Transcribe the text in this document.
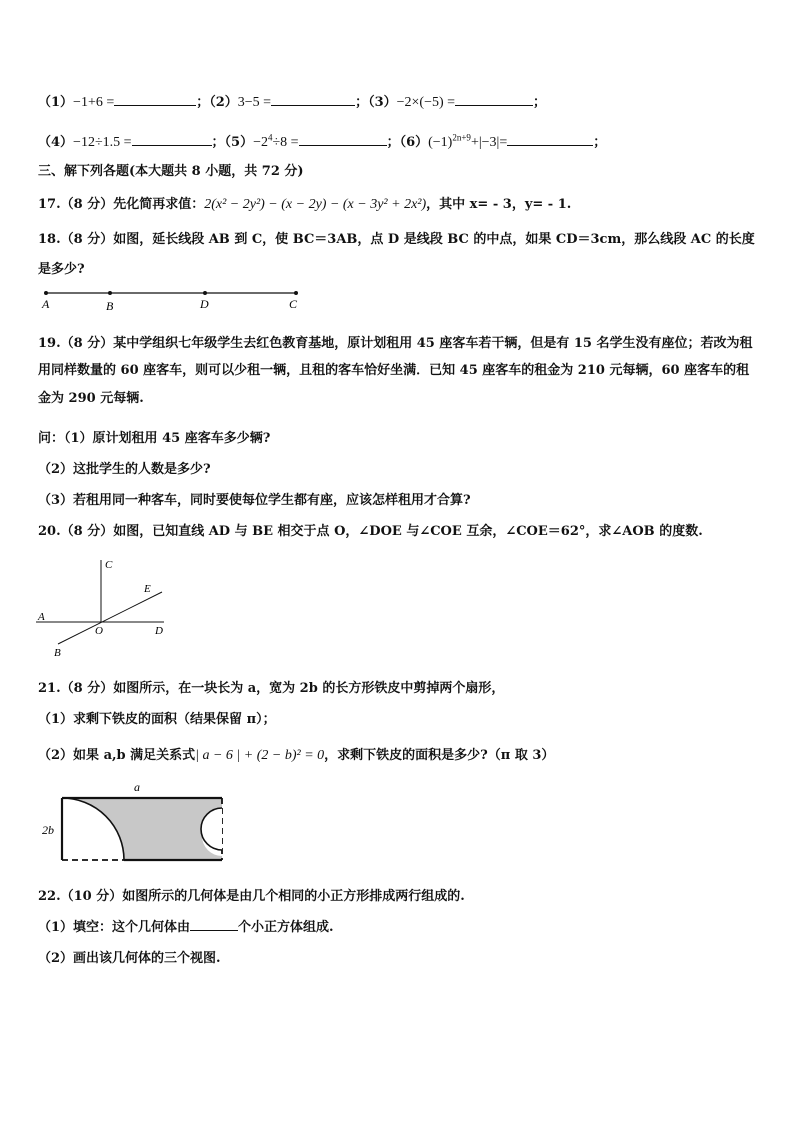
（1）−1+6 =	；（2）3−5 =	；（3）−2×(−5) =	；
（4）−12÷1.5 =	；$(5)-2^4\div 8$ =	；$(6)(-1)^{2n+9}+|-3|=$	；
三、解下列各题(本大题共 8 小题，共 72 分)
17.（8 分）先化简再求值：2(x² − 2y²) − (x − 2y) − (x − 3y² + 2x²)，其中 x= - 3，y= - 1.
18.（8 分）如图，延长线段 AB 到 C，使 BC＝3AB，点 D 是线段 BC 的中点，如果 CD＝3cm，那么线段 AC 的长度是多少?
A	B	D	C
19.（8 分）某中学组织七年级学生去红色教育基地，原计划租用 45 座客车若干辆，但是有 15 名学生没有座位；若改为租用同样数量的 60 座客车，则可以少租一辆，且租的客车恰好坐满．已知 45 座客车的租金为 210 元每辆，60 座客车的租金为 290 元每辆.
问：（1）原计划租用 45 座客车多少辆?
（2）这批学生的人数是多少?
（3）若租用同一种客车，同时要使每位学生都有座，应该怎样租用才合算?
20.（8 分）如图，已知直线 AD 与 BE 相交于点 O，∠DOE 与∠COE 互余，∠COE＝62°，求∠AOB 的度数.
C
E
A
O	D
B
21.（8 分）如图所示，在一块长为 a，宽为 2b 的长方形铁皮中剪掉两个扇形，
（1）求剩下铁皮的面积（结果保留 π）；
（2）如果 a,b 满足关系式| a − 6 | + (2 − b)² = 0，求剩下铁皮的面积是多少?（π 取 3）
a
2b
22.（10 分）如图所示的几何体是由几个相同的小正方形排成两行组成的.
（1）填空：这个几何体由	个小正方体组成.
（2）画出该几何体的三个视图.
